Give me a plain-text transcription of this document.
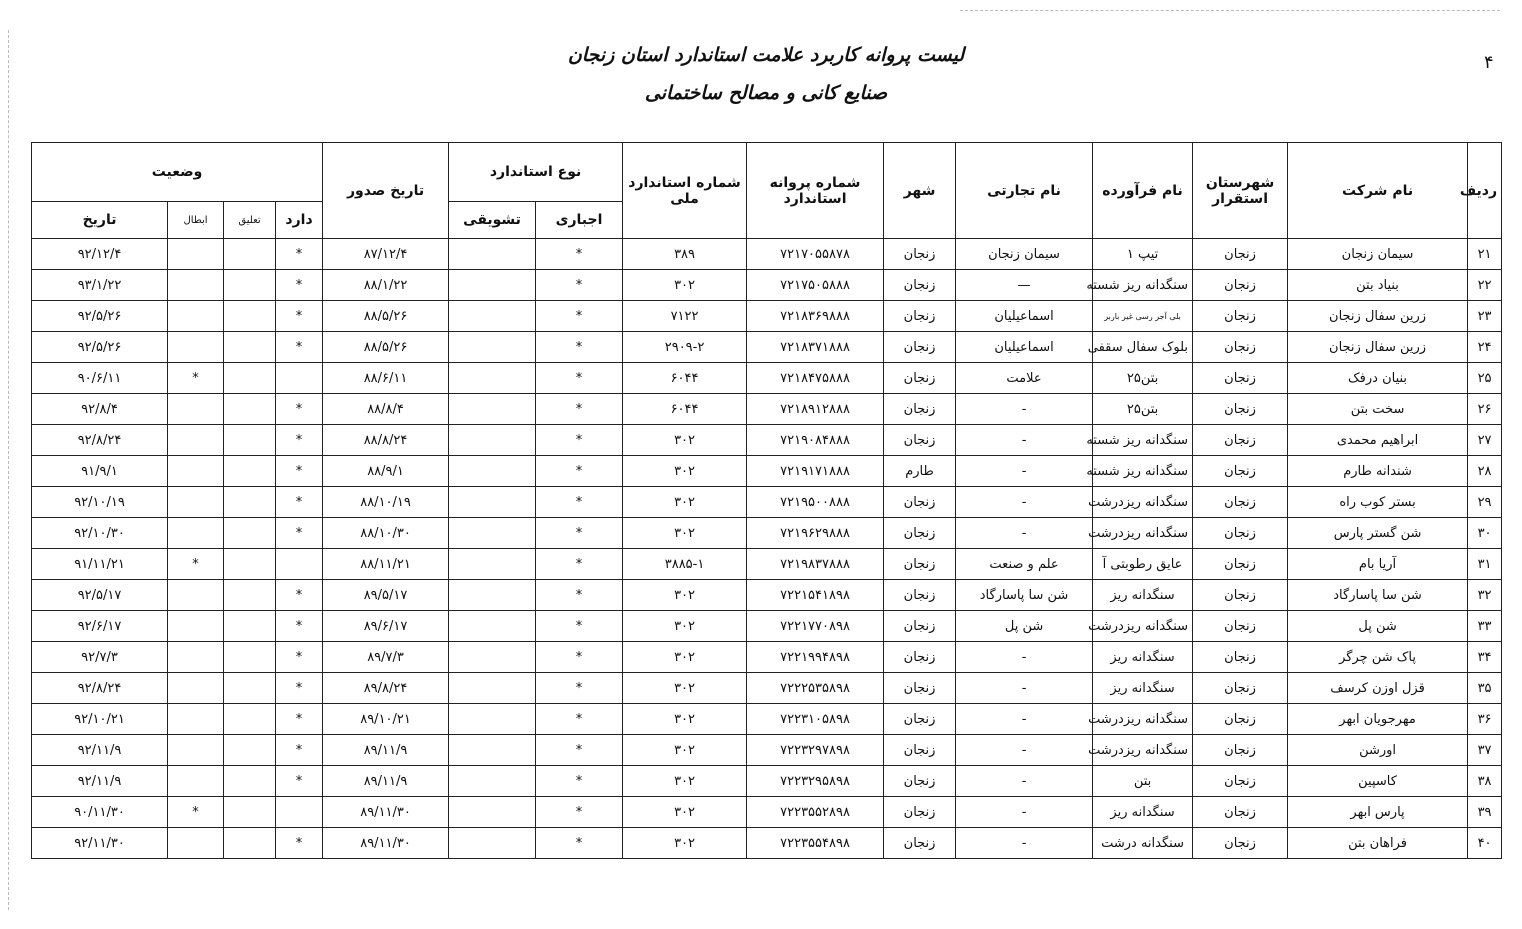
۴
لیست پروانه کاربرد علامت استاندارد استان زنجان
صنایع کانی و مصالح ساختمانی
ردیف	نام شرکت	شهرستان
استقرار	نام فرآورده	نام تجارتی	شهر	شماره پروانه
استاندارد	شماره استاندارد
ملی	نوع استاندارد		تاریخ صدور	وضعیت			
								اجباری	تشویقی		دارد	تعلیق	ابطال	تاریخ
۲۱	سیمان زنجان	زنجان	تیپ ۱	سیمان زنجان	زنجان	۷۲۱۷۰۵۵۸۷۸	۳۸۹	*		۸۷/۱۲/۴	*			۹۲/۱۲/۴
۲۲	بنیاد بتن	زنجان	سنگدانه ریز شسته	—	زنجان	۷۲۱۷۵۰۵۸۸۸	۳۰۲	*		۸۸/۱/۲۲	*			۹۳/۱/۲۲
۲۳	زرین سفال زنجان	زنجان	بلی آجر رسی غیر باربر	اسماعیلیان	زنجان	۷۲۱۸۳۶۹۸۸۸	۷۱۲۲	*		۸۸/۵/۲۶	*			۹۲/۵/۲۶
۲۴	زرین سفال زنجان	زنجان	بلوک سفال سقفی	اسماعیلیان	زنجان	۷۲۱۸۳۷۱۸۸۸	۲۹۰۹-۲	*		۸۸/۵/۲۶	*			۹۲/۵/۲۶
۲۵	بنیان درفک	زنجان	بتن۲۵	علامت	زنجان	۷۲۱۸۴۷۵۸۸۸	۶۰۴۴	*		۸۸/۶/۱۱			*	۹۰/۶/۱۱
۲۶	سخت بتن	زنجان	بتن۲۵	-	زنجان	۷۲۱۸۹۱۲۸۸۸	۶۰۴۴	*		۸۸/۸/۴	*			۹۲/۸/۴
۲۷	ابراهیم محمدی	زنجان	سنگدانه ریز شسته	-	زنجان	۷۲۱۹۰۸۴۸۸۸	۳۰۲	*		۸۸/۸/۲۴	*			۹۲/۸/۲۴
۲۸	شندانه طارم	زنجان	سنگدانه ریز شسته	-	طارم	۷۲۱۹۱۷۱۸۸۸	۳۰۲	*		۸۸/۹/۱	*			۹۱/۹/۱
۲۹	بستر کوب راه	زنجان	سنگدانه ریزدرشت	-	زنجان	۷۲۱۹۵۰۰۸۸۸	۳۰۲	*		۸۸/۱۰/۱۹	*			۹۲/۱۰/۱۹
۳۰	شن گستر پارس	زنجان	سنگدانه ریزدرشت	-	زنجان	۷۲۱۹۶۲۹۸۸۸	۳۰۲	*		۸۸/۱۰/۳۰	*			۹۲/۱۰/۳۰
۳۱	آریا بام	زنجان	عایق رطوبتی آ	علم و صنعت	زنجان	۷۲۱۹۸۳۷۸۸۸	۳۸۸۵-۱	*		۸۸/۱۱/۲۱			*	۹۱/۱۱/۲۱
۳۲	شن سا پاسارگاد	زنجان	سنگدانه ریز	شن سا پاسارگاد	زنجان	۷۲۲۱۵۴۱۸۹۸	۳۰۲	*		۸۹/۵/۱۷	*			۹۲/۵/۱۷
۳۳	شن پل	زنجان	سنگدانه ریزدرشت	شن پل	زنجان	۷۲۲۱۷۷۰۸۹۸	۳۰۲	*		۸۹/۶/۱۷	*			۹۲/۶/۱۷
۳۴	پاک شن چرگر	زنجان	سنگدانه ریز	-	زنجان	۷۲۲۱۹۹۴۸۹۸	۳۰۲	*		۸۹/۷/۳	*			۹۲/۷/۳
۳۵	قزل اوزن کرسف	زنجان	سنگدانه ریز	-	زنجان	۷۲۲۲۵۳۵۸۹۸	۳۰۲	*		۸۹/۸/۲۴	*			۹۲/۸/۲۴
۳۶	مهرجویان ابهر	زنجان	سنگدانه ریزدرشت	-	زنجان	۷۲۲۳۱۰۵۸۹۸	۳۰۲	*		۸۹/۱۰/۲۱	*			۹۲/۱۰/۲۱
۳۷	اورشن	زنجان	سنگدانه ریزدرشت	-	زنجان	۷۲۲۳۲۹۷۸۹۸	۳۰۲	*		۸۹/۱۱/۹	*			۹۲/۱۱/۹
۳۸	کاسپین	زنجان	بتن	-	زنجان	۷۲۲۳۲۹۵۸۹۸	۳۰۲	*		۸۹/۱۱/۹	*			۹۲/۱۱/۹
۳۹	پارس ابهر	زنجان	سنگدانه ریز	-	زنجان	۷۲۲۳۵۵۲۸۹۸	۳۰۲	*		۸۹/۱۱/۳۰			*	۹۰/۱۱/۳۰
۴۰	فراهان بتن	زنجان	سنگدانه درشت	-	زنجان	۷۲۲۳۵۵۴۸۹۸	۳۰۲	*		۸۹/۱۱/۳۰	*			۹۲/۱۱/۳۰
